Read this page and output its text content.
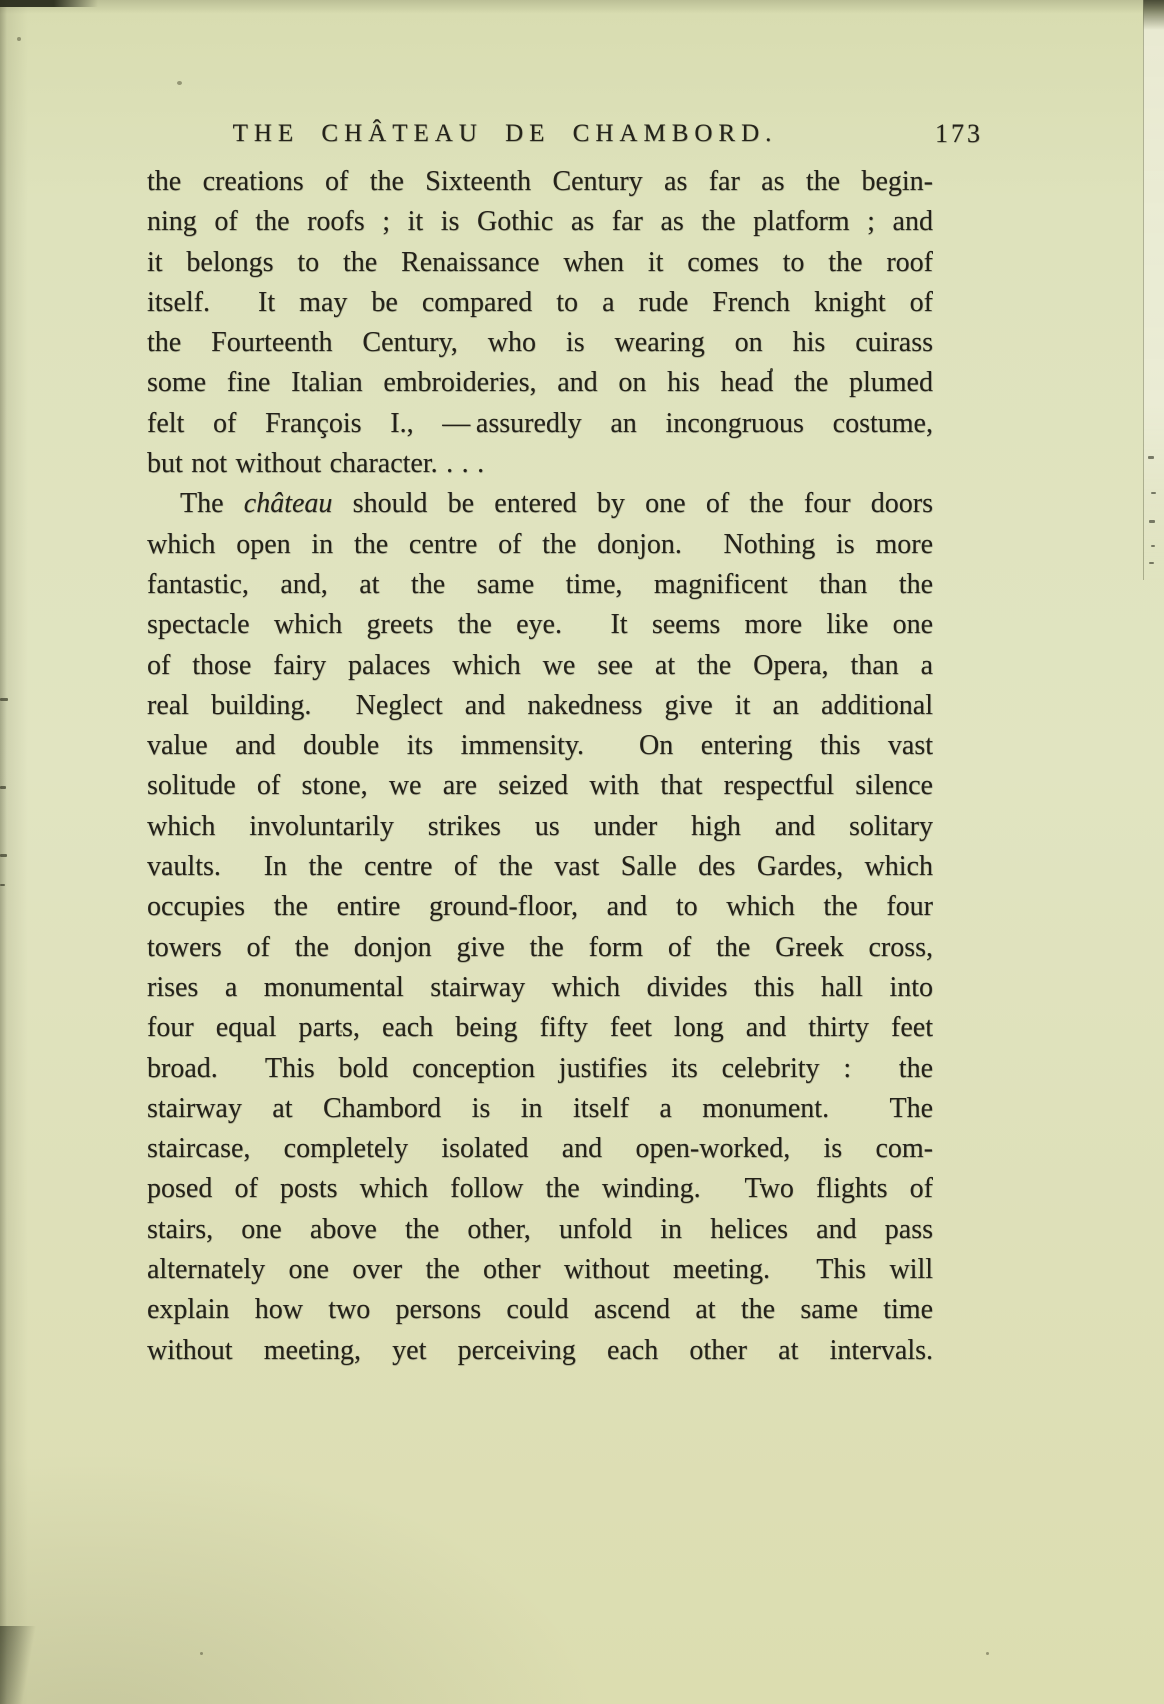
THE CHÂTEAU DE CHAMBORD.	173
the creations of the Sixteenth Century as far as the begin-
ning of the roofs ; it is Gothic as far as the platform ; and
it belongs to the Renaissance when it comes to the roof
itself.  It may be compared to a rude French knight of
the Fourteenth Century, who is wearing on his cuirass
some fine Italian embroideries, and on his head the plumed
felt of François I., — assuredly an incongruous costume,
but not without character. . . .
The château should be entered by one of the four doors
which open in the centre of the donjon.  Nothing is more
fantastic, and, at the same time, magnificent than the
spectacle which greets the eye.  It seems more like one
of those fairy palaces which we see at the Opera, than a
real building.  Neglect and nakedness give it an additional
value and double its immensity.  On entering this vast
solitude of stone, we are seized with that respectful silence
which involuntarily strikes us under high and solitary
vaults.  In the centre of the vast Salle des Gardes, which
occupies the entire ground-floor, and to which the four
towers of the donjon give the form of the Greek cross,
rises a monumental stairway which divides this hall into
four equal parts, each being fifty feet long and thirty feet
broad.  This bold conception justifies its celebrity :  the
stairway at Chambord is in itself a monument.  The
staircase, completely isolated and open-worked, is com-
posed of posts which follow the winding.  Two flights of
stairs, one above the other, unfold in helices and pass
alternately one over the other without meeting.  This will
explain how two persons could ascend at the same time
without meeting, yet perceiving each other at intervals.
